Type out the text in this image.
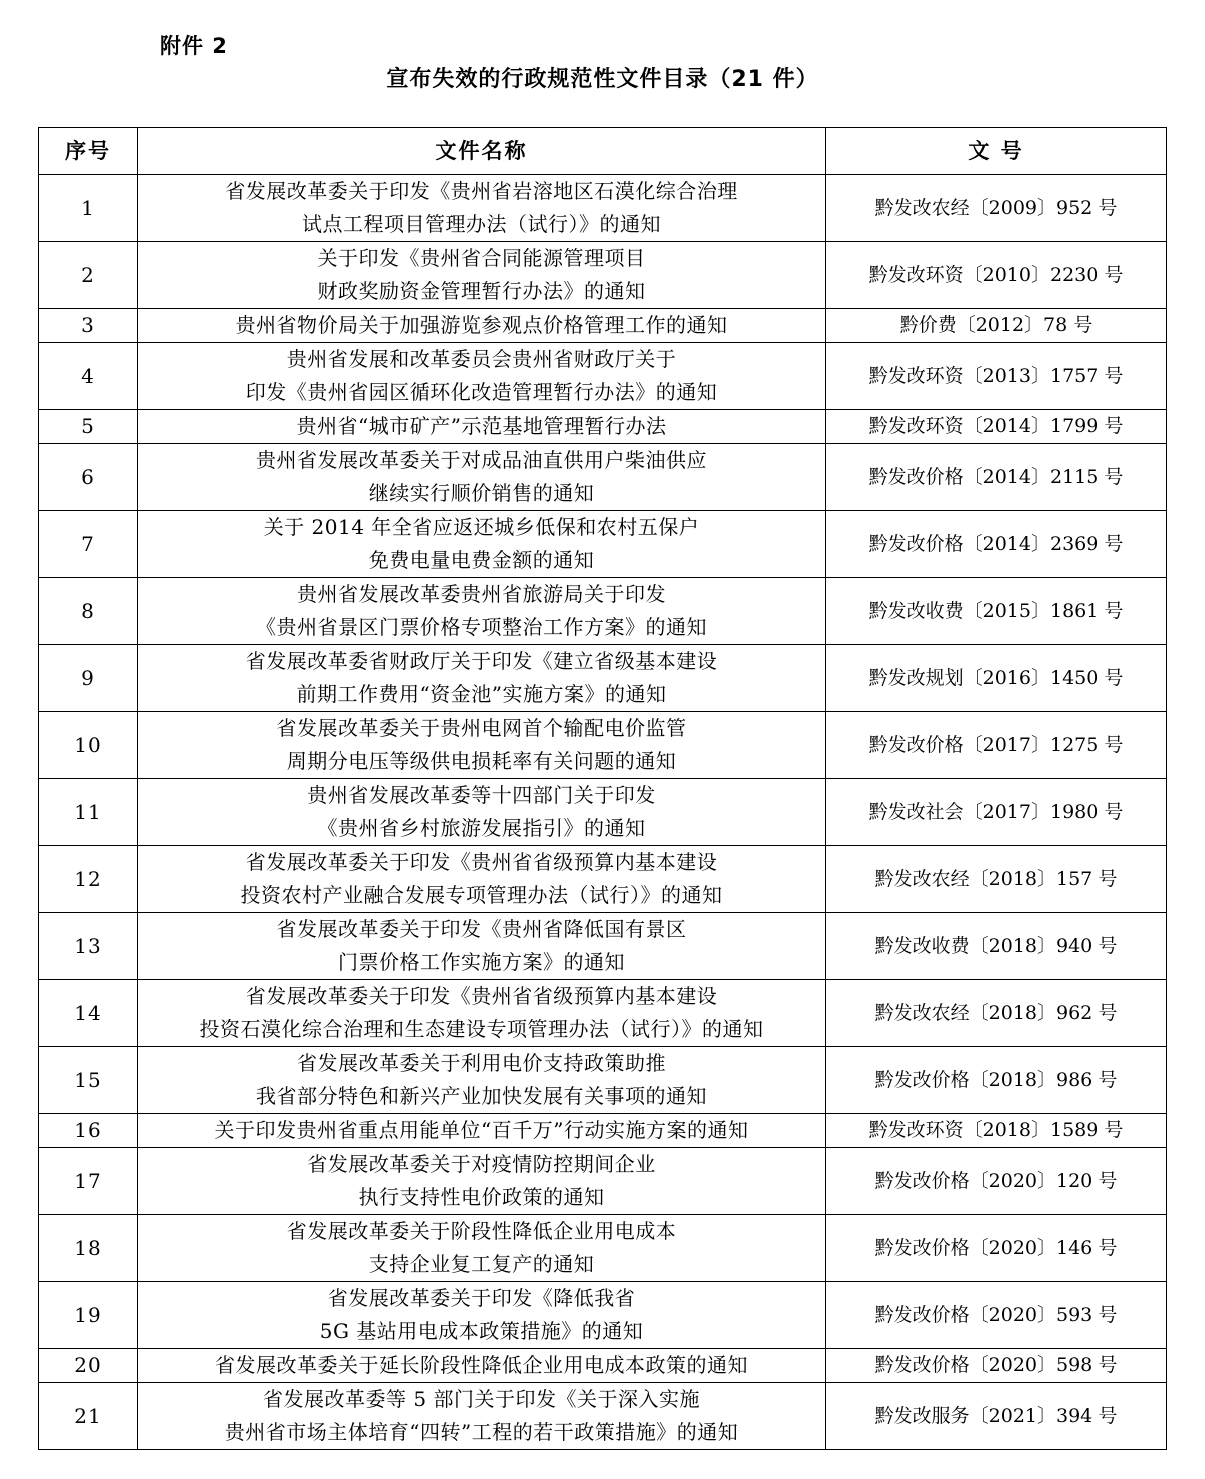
附件 2
宣布失效的行政规范性文件目录（21 件）
序号	文件名称	文 号
1	省发展改革委关于印发《贵州省岩溶地区石漠化综合治理
试点工程项目管理办法（试行）》的通知	黔发改农经〔2009〕952 号
2	关于印发《贵州省合同能源管理项目
财政奖励资金管理暂行办法》的通知	黔发改环资〔2010〕2230 号
3	贵州省物价局关于加强游览参观点价格管理工作的通知	黔价费〔2012〕78 号
4	贵州省发展和改革委员会贵州省财政厅关于
印发《贵州省园区循环化改造管理暂行办法》的通知	黔发改环资〔2013〕1757 号
5	贵州省“城市矿产”示范基地管理暂行办法	黔发改环资〔2014〕1799 号
6	贵州省发展改革委关于对成品油直供用户柴油供应
继续实行顺价销售的通知	黔发改价格〔2014〕2115 号
7	关于 2014 年全省应返还城乡低保和农村五保户
免费电量电费金额的通知	黔发改价格〔2014〕2369 号
8	贵州省发展改革委贵州省旅游局关于印发
《贵州省景区门票价格专项整治工作方案》的通知	黔发改收费〔2015〕1861 号
9	省发展改革委省财政厅关于印发《建立省级基本建设
前期工作费用“资金池”实施方案》的通知	黔发改规划〔2016〕1450 号
10	省发展改革委关于贵州电网首个输配电价监管
周期分电压等级供电损耗率有关问题的通知	黔发改价格〔2017〕1275 号
11	贵州省发展改革委等十四部门关于印发
《贵州省乡村旅游发展指引》的通知	黔发改社会〔2017〕1980 号
12	省发展改革委关于印发《贵州省省级预算内基本建设
投资农村产业融合发展专项管理办法（试行）》的通知	黔发改农经〔2018〕157 号
13	省发展改革委关于印发《贵州省降低国有景区
门票价格工作实施方案》的通知	黔发改收费〔2018〕940 号
14	省发展改革委关于印发《贵州省省级预算内基本建设
投资石漠化综合治理和生态建设专项管理办法（试行）》的通知	黔发改农经〔2018〕962 号
15	省发展改革委关于利用电价支持政策助推
我省部分特色和新兴产业加快发展有关事项的通知	黔发改价格〔2018〕986 号
16	关于印发贵州省重点用能单位“百千万”行动实施方案的通知	黔发改环资〔2018〕1589 号
17	省发展改革委关于对疫情防控期间企业
执行支持性电价政策的通知	黔发改价格〔2020〕120 号
18	省发展改革委关于阶段性降低企业用电成本
支持企业复工复产的通知	黔发改价格〔2020〕146 号
19	省发展改革委关于印发《降低我省
5G 基站用电成本政策措施》的通知	黔发改价格〔2020〕593 号
20	省发展改革委关于延长阶段性降低企业用电成本政策的通知	黔发改价格〔2020〕598 号
21	省发展改革委等 5 部门关于印发《关于深入实施
贵州省市场主体培育“四转”工程的若干政策措施》的通知	黔发改服务〔2021〕394 号
